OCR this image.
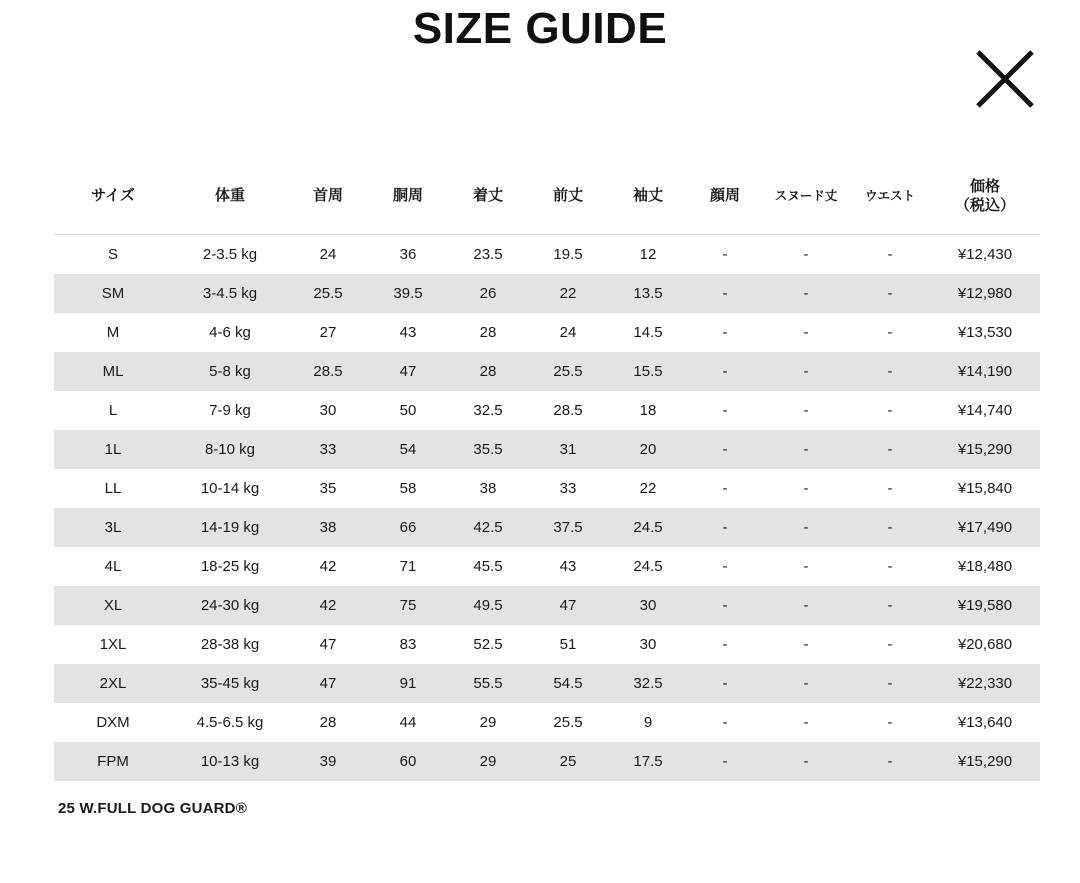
SIZE GUIDE
サイズ	体重	首周	胴周	着丈	前丈	袖丈	顔周	スヌード丈	ウエスト	価格
（税込）
S	2-3.5 kg	24	36	23.5	19.5	12	-	-	-	¥12,430
SM	3-4.5 kg	25.5	39.5	26	22	13.5	-	-	-	¥12,980
M	4-6 kg	27	43	28	24	14.5	-	-	-	¥13,530
ML	5-8 kg	28.5	47	28	25.5	15.5	-	-	-	¥14,190
L	7-9 kg	30	50	32.5	28.5	18	-	-	-	¥14,740
1L	8-10 kg	33	54	35.5	31	20	-	-	-	¥15,290
LL	10-14 kg	35	58	38	33	22	-	-	-	¥15,840
3L	14-19 kg	38	66	42.5	37.5	24.5	-	-	-	¥17,490
4L	18-25 kg	42	71	45.5	43	24.5	-	-	-	¥18,480
XL	24-30 kg	42	75	49.5	47	30	-	-	-	¥19,580
1XL	28-38 kg	47	83	52.5	51	30	-	-	-	¥20,680
2XL	35-45 kg	47	91	55.5	54.5	32.5	-	-	-	¥22,330
DXM	4.5-6.5 kg	28	44	29	25.5	9	-	-	-	¥13,640
FPM	10-13 kg	39	60	29	25	17.5	-	-	-	¥15,290
25 W.FULL DOG GUARD®
